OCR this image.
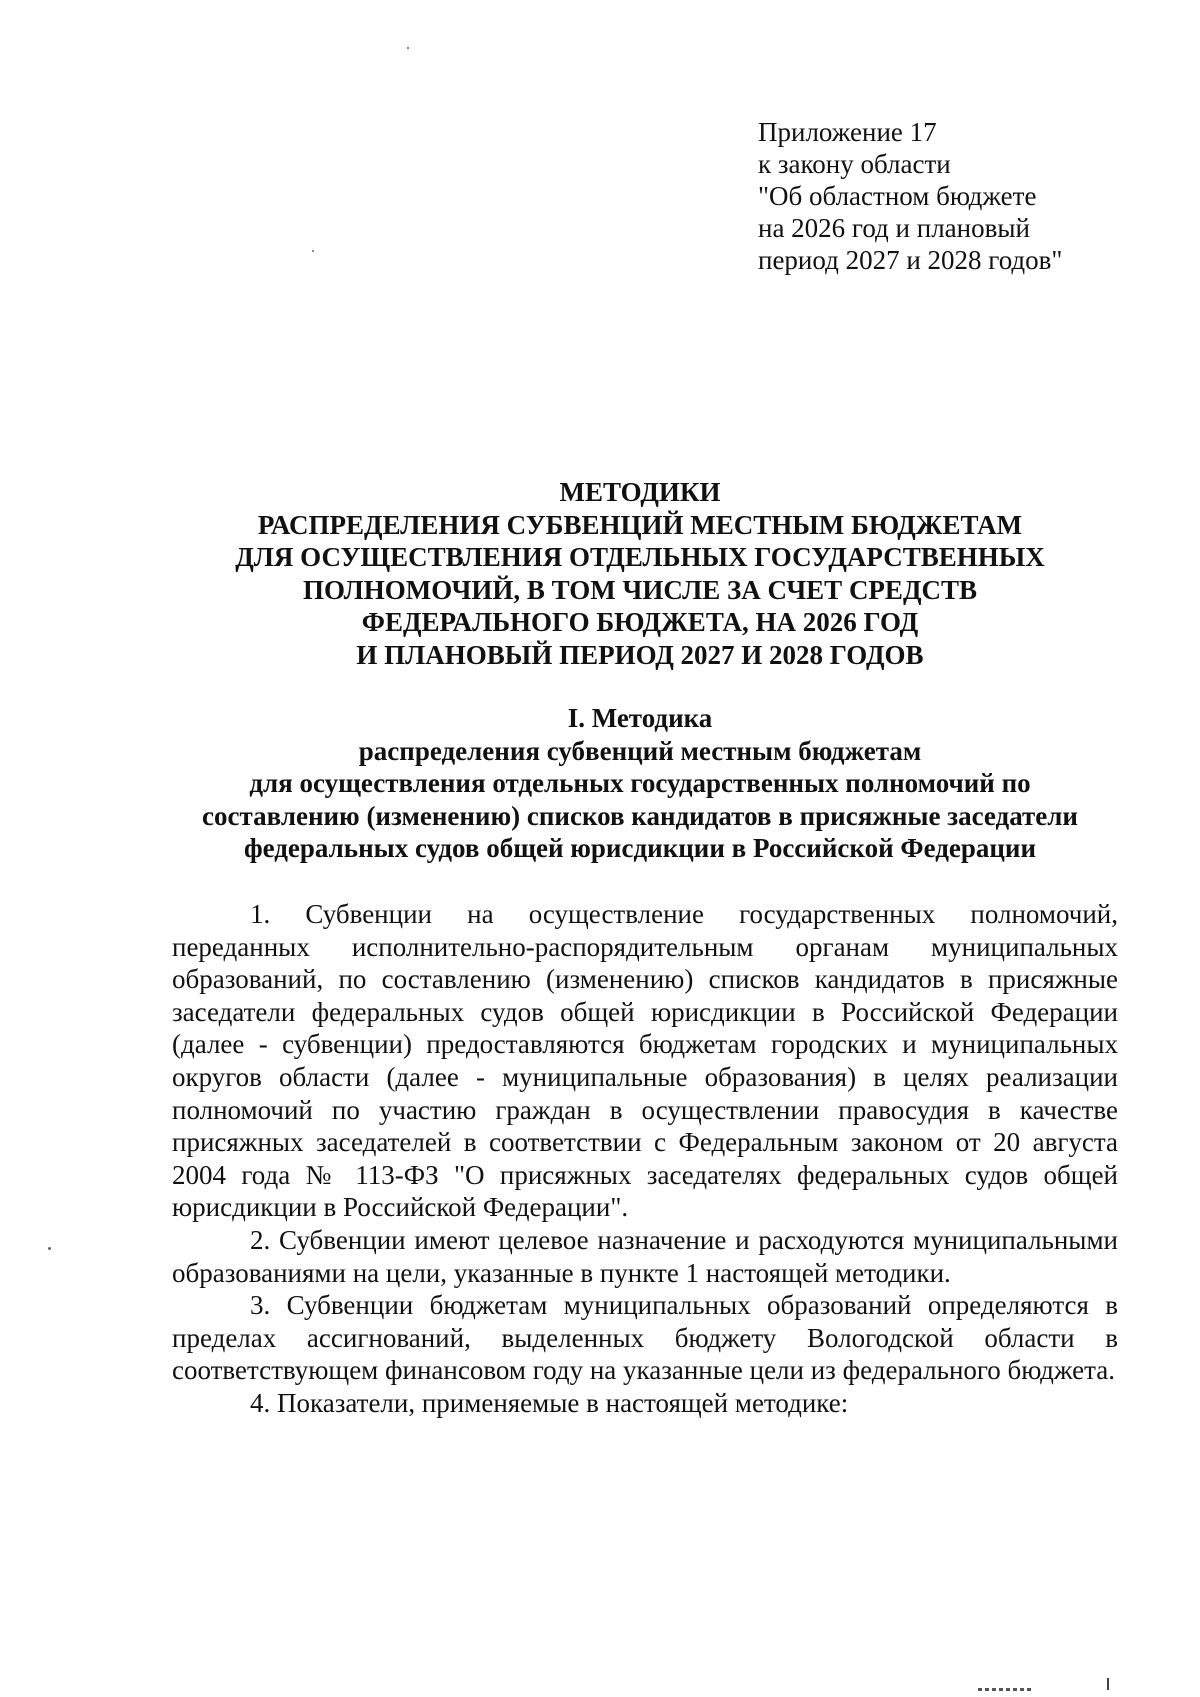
Приложение 17
к закону области
"Об областном бюджете
на 2026 год и плановый
период 2027 и 2028 годов"
МЕТОДИКИ
РАСПРЕДЕЛЕНИЯ СУБВЕНЦИЙ МЕСТНЫМ БЮДЖЕТАМ
ДЛЯ ОСУЩЕСТВЛЕНИЯ ОТДЕЛЬНЫХ ГОСУДАРСТВЕННЫХ
ПОЛНОМОЧИЙ, В ТОМ ЧИСЛЕ ЗА СЧЕТ СРЕДСТВ
ФЕДЕРАЛЬНОГО БЮДЖЕТА, НА 2026 ГОД
И ПЛАНОВЫЙ ПЕРИОД 2027 И 2028 ГОДОВ
I. Методика
распределения субвенций местным бюджетам
для осуществления отдельных государственных полномочий по
составлению (изменению) списков кандидатов в присяжные заседатели
федеральных судов общей юрисдикции в Российской Федерации

1. Субвенции на осуществление государственных полномочий, переданных исполнительно-распорядительным органам муниципальных образований, по составлению (изменению) списков кандидатов в присяжные заседатели федеральных судов общей юрисдикции в Российской Федерации (далее - субвенции) предоставляются бюджетам городских и муниципальных округов области (далее - муниципальные образования) в целях реализации полномочий по участию граждан в осуществлении правосудия в качестве присяжных заседателей в соответствии с Федеральным законом от 20 августа 2004 года № 113-ФЗ "О присяжных заседателях федеральных судов общей юрисдикции в Российской Федерации".

2. Субвенции имеют целевое назначение и расходуются муниципальными образованиями на цели, указанные в пункте 1 настоящей методики.

3. Субвенции бюджетам муниципальных образований определяются в пределах ассигнований, выделенных бюджету Вологодской области в соответствующем финансовом году на указанные цели из федерального бюджета.

4. Показатели, применяемые в настоящей методике:
